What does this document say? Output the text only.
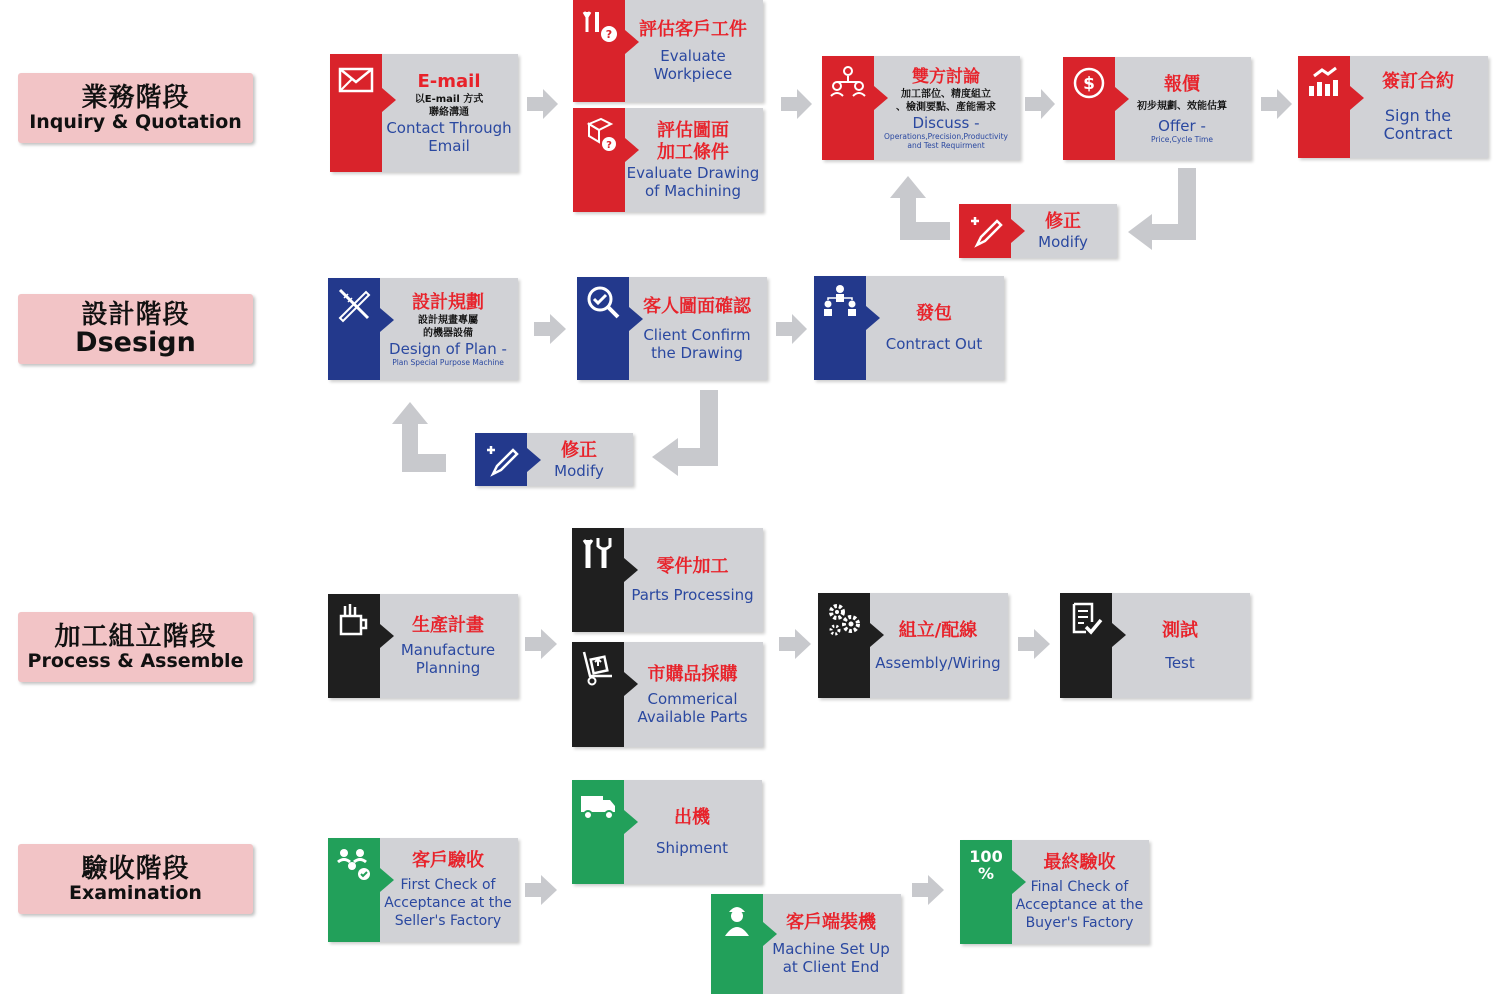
業務階段
Inquiry & Quotation
設計階段
Dsesign
加工組立階段
Process & Assemble
驗收階段
Examination
E-mail
以E-mail 方式
聯絡溝通
Contact Through
Email
? 評估客戶工件
Evaluate
Workpiece
?
評估圖面
加工條件
Evaluate Drawing
of Machining
雙方討論
加工部位、精度組立
、檢測要點、產能需求
Discuss -
Operations,Precision,Productivity
and Test Requirment
$	報價
初步規劃、效能估算
Offer -
Price,Cycle Time
簽訂合約
Sign the Contract
修正
Modify
設計規劃
設計規畫專屬
的機器設備
Design of Plan -
Plan Special Purpose Machine
客人圖面確認
Client Confirm
the Drawing
發包
Contract Out
修正
Modify
生產計畫
Manufacture
Planning
零件加工
Parts Processing
市購品採購
Commerical
Available Parts
組立/配線
Assembly/Wiring
測試
Test
客戶驗收
First Check of
Acceptance at the
Seller's Factory
出機
Shipment
客戶端裝機
Machine Set Up
at Client End
100
%
最終驗收
Final Check of
Acceptance at the
Buyer's Factory
